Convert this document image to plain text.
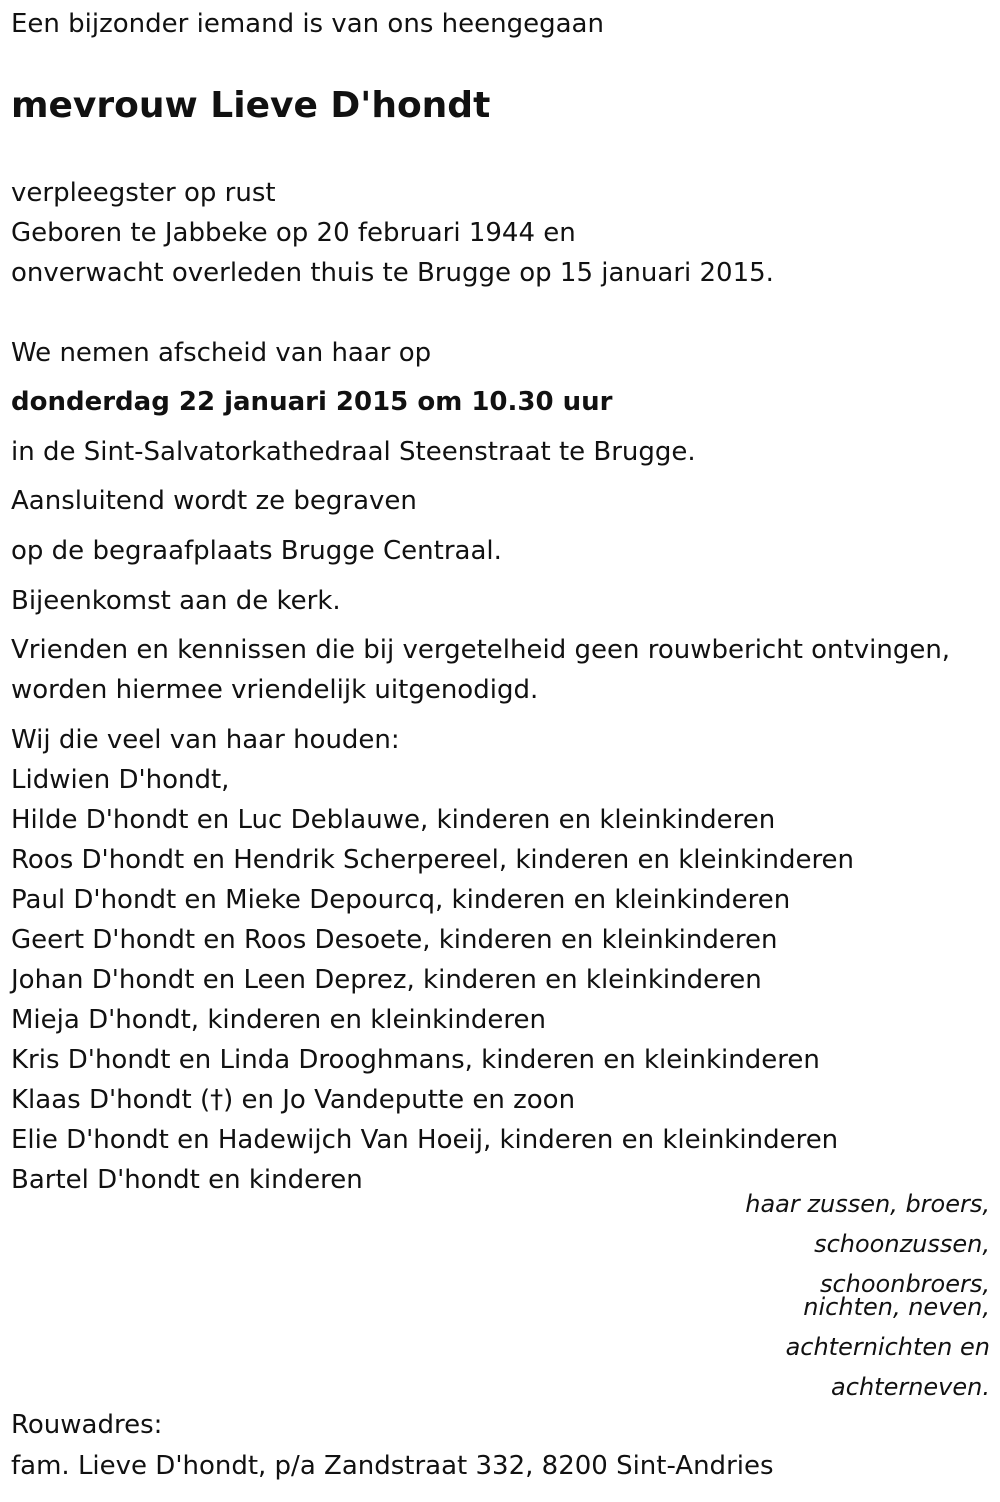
Een bijzonder iemand is van ons heengegaan

mevrouw Lieve D'hondt

verpleegster op rust

Geboren te Jabbeke op 20 februari 1944 en

onverwacht overleden thuis te Brugge op 15 januari 2015.

We nemen afscheid van haar op

donderdag 22 januari 2015 om 10.30 uur

in de Sint-Salvatorkathedraal Steenstraat te Brugge.

Aansluitend wordt ze begraven

op de begraafplaats Brugge Centraal.

Bijeenkomst aan de kerk.

Vrienden en kennissen die bij vergetelheid geen rouwbericht ontvingen,

worden hiermee vriendelijk uitgenodigd.

Wij die veel van haar houden:

Lidwien D'hondt,

Hilde D'hondt en Luc Deblauwe, kinderen en kleinkinderen

Roos D'hondt en Hendrik Scherpereel, kinderen en kleinkinderen

Paul D'hondt en Mieke Depourcq, kinderen en kleinkinderen

Geert D'hondt en Roos Desoete, kinderen en kleinkinderen

Johan D'hondt en Leen Deprez, kinderen en kleinkinderen

Mieja D'hondt, kinderen en kleinkinderen

Kris D'hondt en Linda Drooghmans, kinderen en kleinkinderen

Klaas D'hondt (†) en Jo Vandeputte en zoon

Elie D'hondt en Hadewijch Van Hoeij, kinderen en kleinkinderen

Bartel D'hondt en kinderen

haar zussen, broers,

schoonzussen,

schoonbroers,

nichten, neven,

achternichten en

achterneven.

Rouwadres:

fam. Lieve D'hondt, p/a Zandstraat 332, 8200 Sint-Andries
